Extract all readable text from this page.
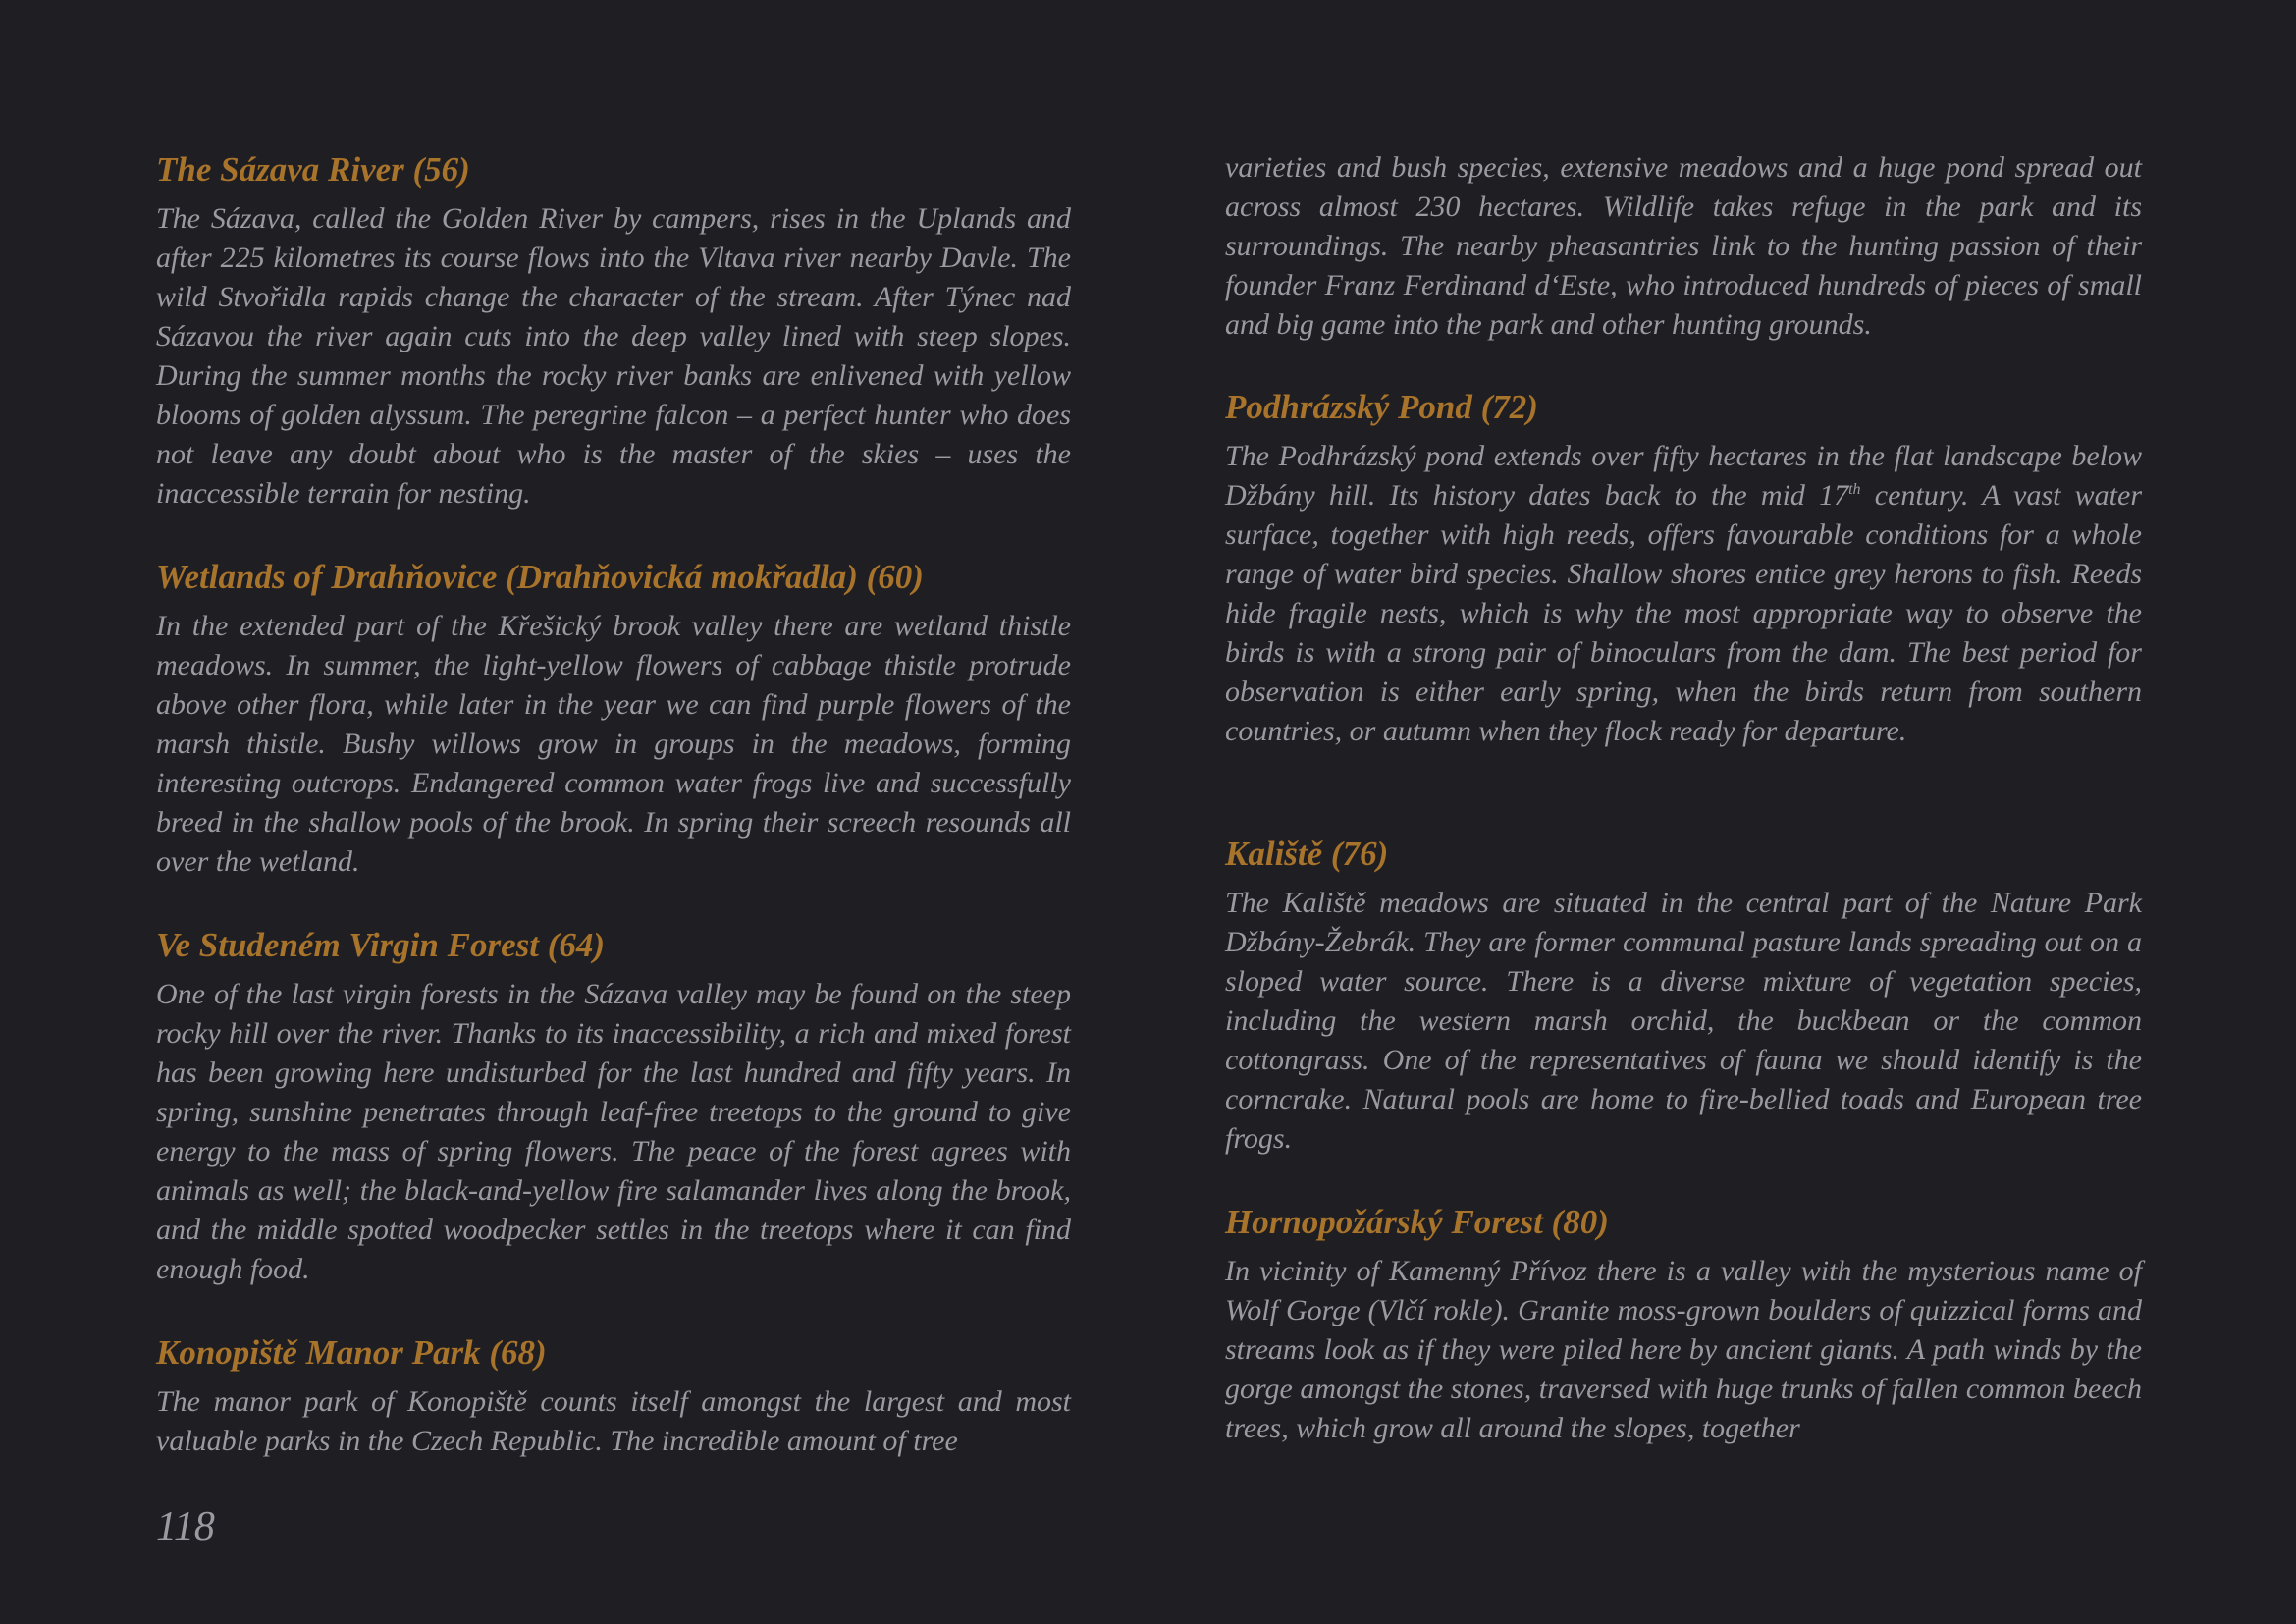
The Sázava River (56)

The Sázava, called the Golden River by campers, rises in the Uplands and after 225 kilometres its course flows into the Vltava river nearby Davle. The wild Stvořidla rapids change the character of the stream. After Týnec nad Sázavou the river again cuts into the deep valley lined with steep slopes. During the summer months the rocky river banks are enlivened with yellow blooms of golden alyssum. The peregrine falcon – a perfect hunter who does not leave any doubt about who is the master of the skies – uses the inaccessible terrain for nesting.

Wetlands of Drahňovice (Drahňovická mokřadla) (60)

In the extended part of the Křešický brook valley there are wetland thistle meadows. In summer, the light-yellow flowers of cabbage thistle protrude above other flora, while later in the year we can find purple flowers of the marsh thistle. Bushy willows grow in groups in the meadows, forming interesting outcrops. Endangered common water frogs live and successfully breed in the shallow pools of the brook. In spring their screech resounds all over the wetland.

Ve Studeném Virgin Forest (64)

One of the last virgin forests in the Sázava valley may be found on the steep rocky hill over the river. Thanks to its inaccessibility, a rich and mixed forest has been growing here undisturbed for the last hundred and fifty years. In spring, sunshine penetrates through leaf-free treetops to the ground to give energy to the mass of spring flowers. The peace of the forest agrees with animals as well; the black-and-yellow fire salamander lives along the brook, and the middle spotted woodpecker settles in the treetops where it can find enough food.

Konopiště Manor Park (68)

The manor park of Konopiště counts itself amongst the largest and most valuable parks in the Czech Republic. The incredible amount of tree

varieties and bush species, extensive meadows and a huge pond spread out across almost 230 hectares. Wildlife takes refuge in the park and its surroundings. The nearby pheasantries link to the hunting passion of their founder Franz Ferdinand d‘Este, who introduced hundreds of pieces of small and big game into the park and other hunting grounds.

Podhrázský Pond (72)

The Podhrázský pond extends over fifty hectares in the flat landscape below Džbány hill. Its history dates back to the mid 17th century. A vast water surface, together with high reeds, offers favourable conditions for a whole range of water bird species. Shallow shores entice grey herons to fish. Reeds hide fragile nests, which is why the most appropriate way to observe the birds is with a strong pair of binoculars from the dam. The best period for observation is either early spring, when the birds return from southern countries, or autumn when they flock ready for departure.

Kaliště (76)

The Kaliště meadows are situated in the central part of the Nature Park Džbány-Žebrák. They are former communal pasture lands spreading out on a sloped water source. There is a diverse mixture of vegetation species, including the western marsh orchid, the buckbean or the common cottongrass. One of the representatives of fauna we should identify is the corncrake. Natural pools are home to fire-bellied toads and European tree frogs.

Hornopožárský Forest (80)

In vicinity of Kamenný Přívoz there is a valley with the mysterious name of Wolf Gorge (Vlčí rokle). Granite moss-grown boulders of quizzical forms and streams look as if they were piled here by ancient giants. A path winds by the gorge amongst the stones, traversed with huge trunks of fallen common beech trees, which grow all around the slopes, together

118
